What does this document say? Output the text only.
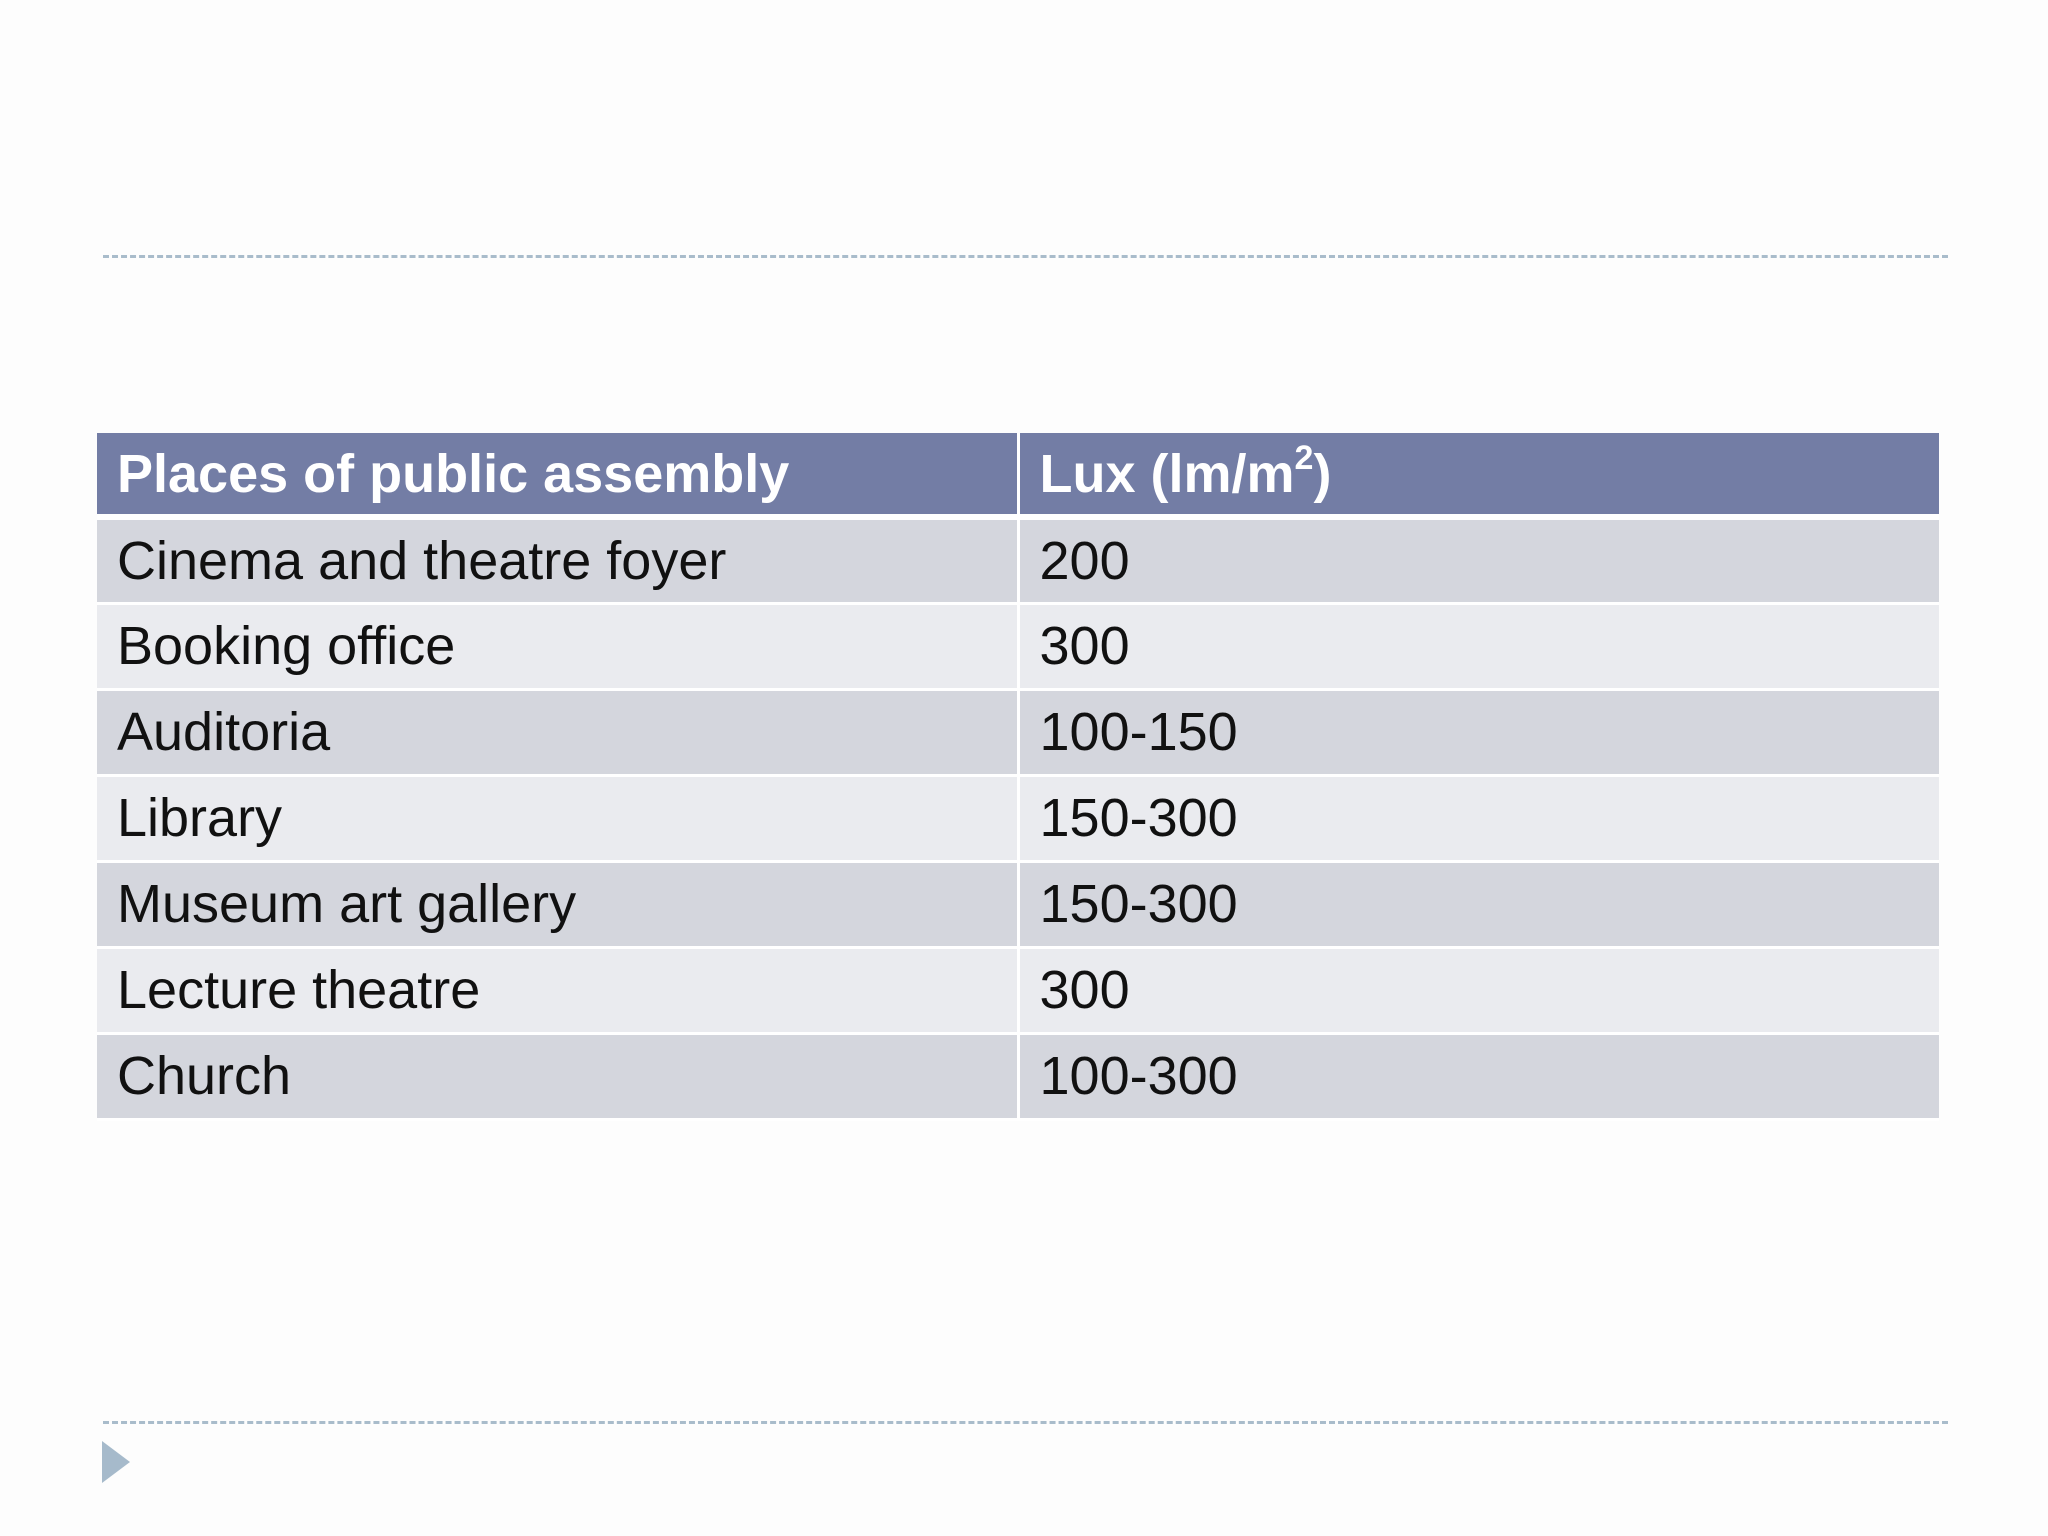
Places of public assembly	Lux $(lm/m^2)$
Cinema and theatre foyer	200
Booking office	300
Auditoria	100-150
Library	150-300
Museum art gallery	150-300
Lecture theatre	300
Church	100-300
